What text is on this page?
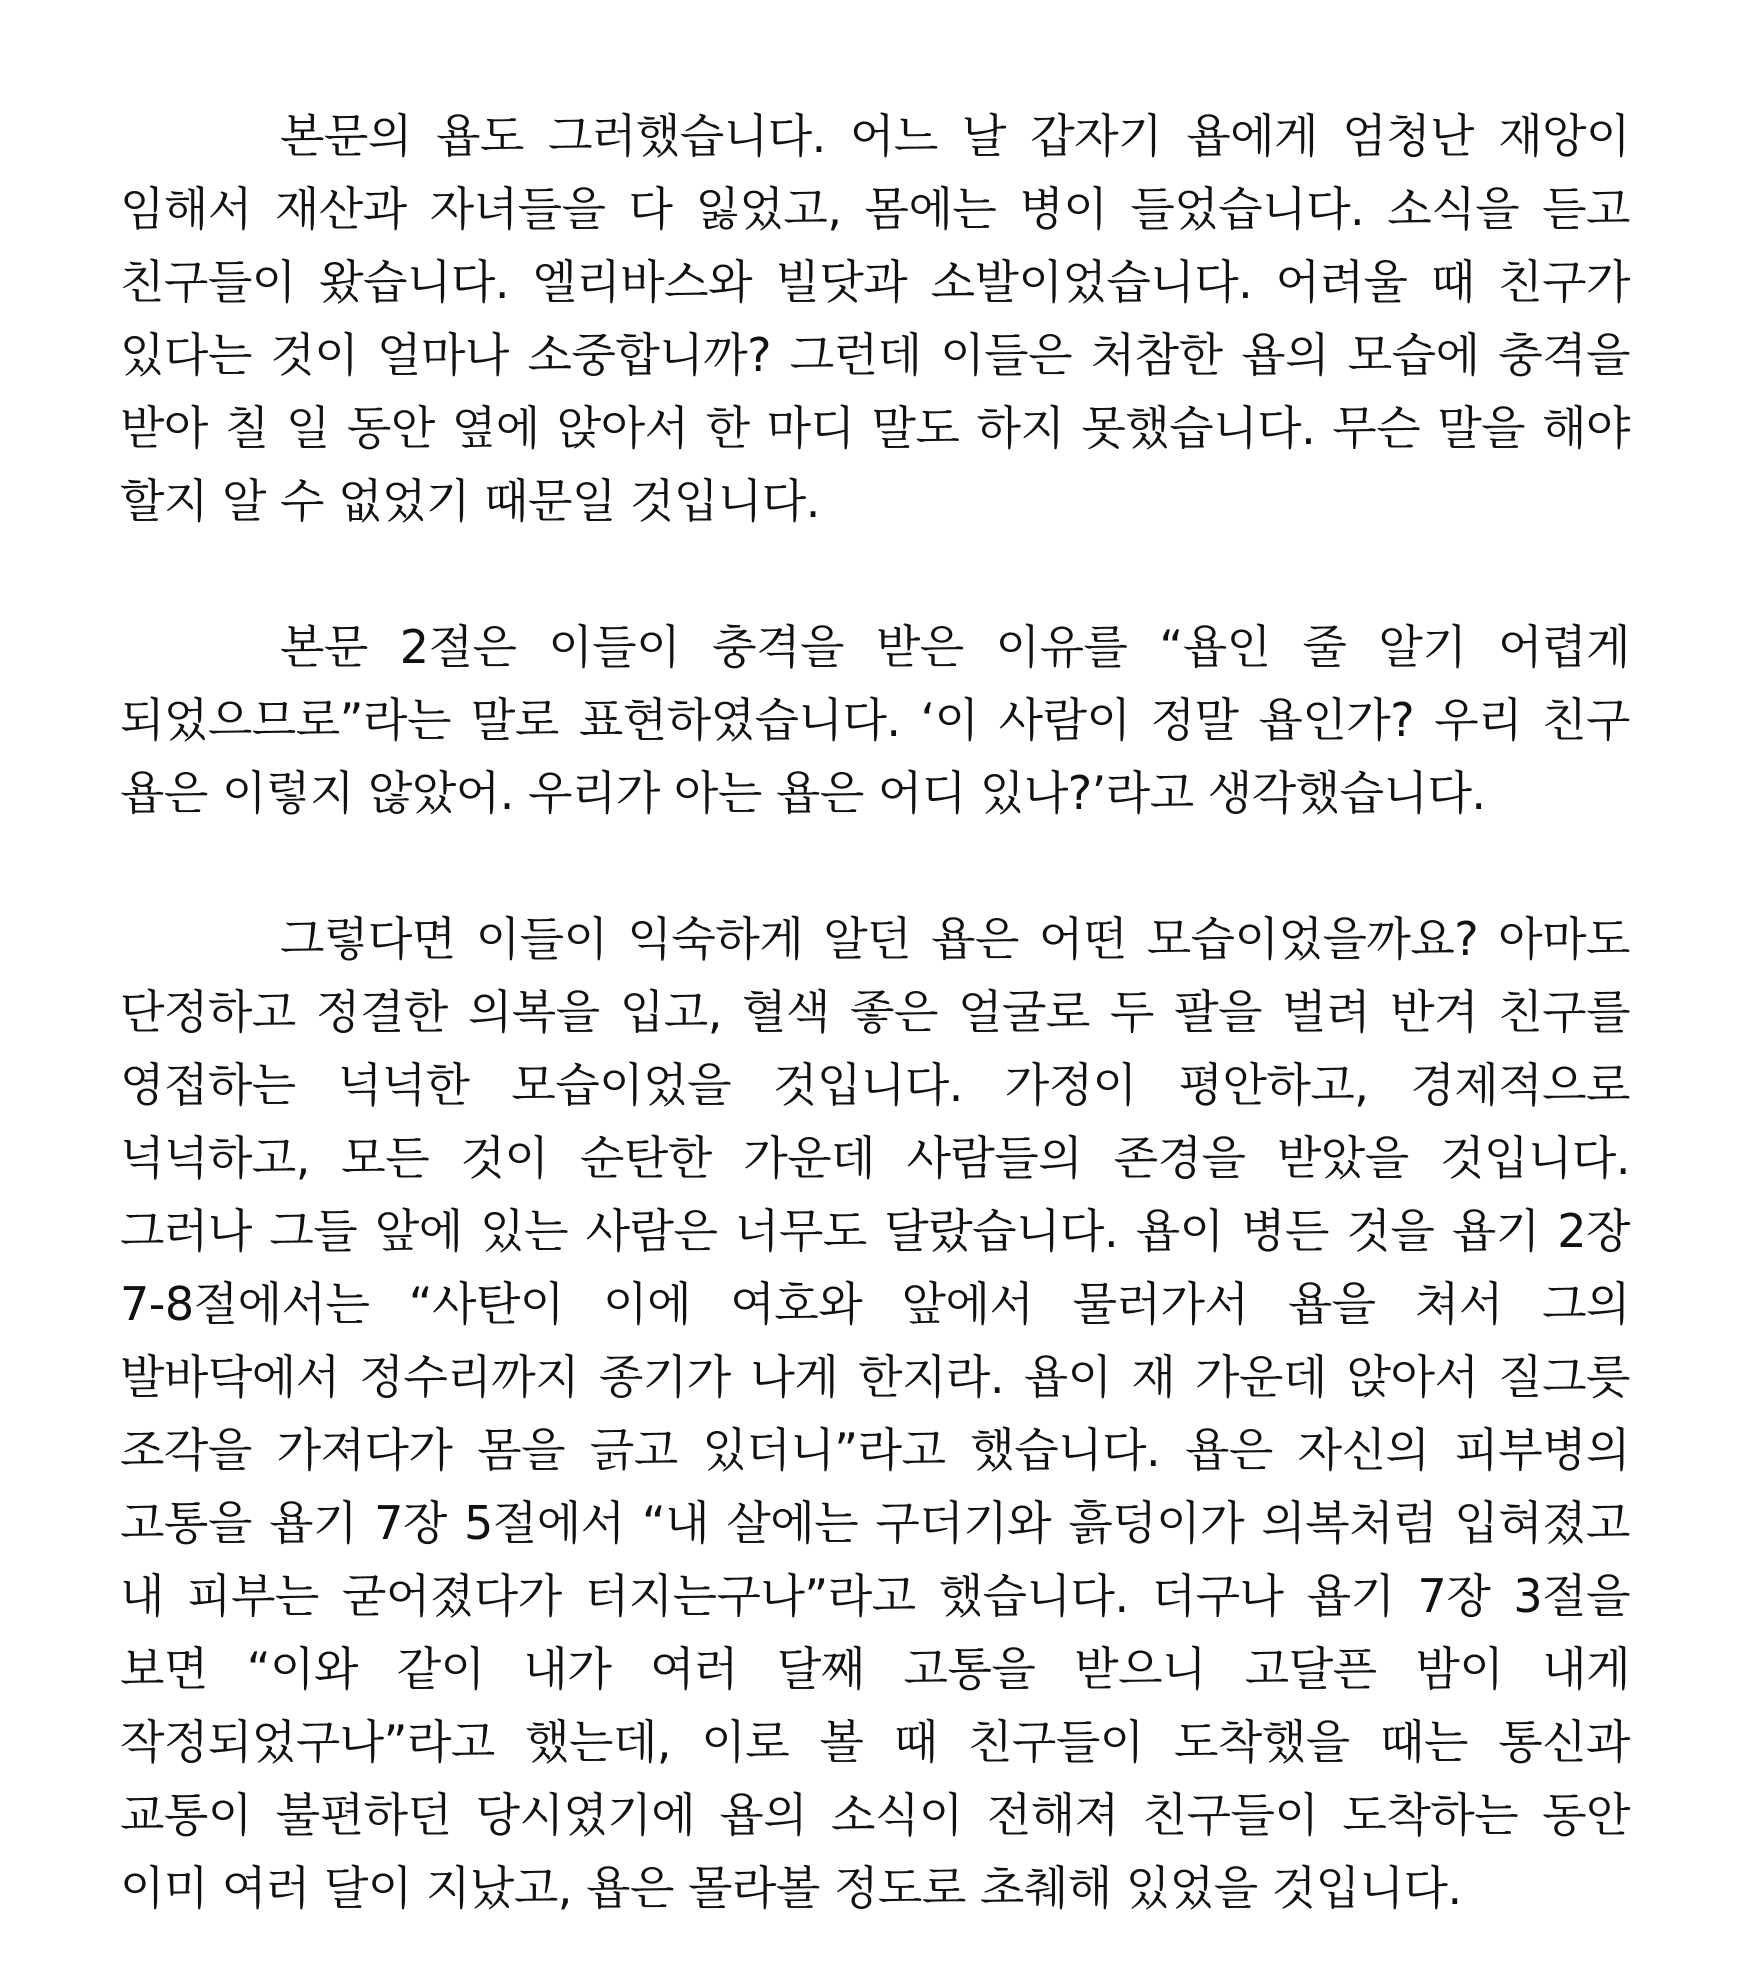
본문의 욥도 그러했습니다. 어느 날 갑자기 욥에게 엄청난 재앙이 임해서 재산과 자녀들을 다 잃었고, 몸에는 병이 들었습니다. 소식을 듣고 친구들이 왔습니다. 엘리바스와 빌닷과 소발이었습니다. 어려울 때 친구가 있다는 것이 얼마나 소중합니까? 그런데 이들은 처참한 욥의 모습에 충격을 받아 칠 일 동안 옆에 앉아서 한 마디 말도 하지 못했습니다. 무슨 말을 해야 할지 알 수 없었기 때문일 것입니다.

본문 2절은 이들이 충격을 받은 이유를 “욥인 줄 알기 어렵게 되었으므로”라는 말로 표현하였습니다. ‘이 사람이 정말 욥인가? 우리 친구 욥은 이렇지 않았어. 우리가 아는 욥은 어디 있나?’라고 생각했습니다.

그렇다면 이들이 익숙하게 알던 욥은 어떤 모습이었을까요? 아마도 단정하고 정결한 의복을 입고, 혈색 좋은 얼굴로 두 팔을 벌려 반겨 친구를 영접하는 넉넉한 모습이었을 것입니다. 가정이 평안하고, 경제적으로 넉넉하고, 모든 것이 순탄한 가운데 사람들의 존경을 받았을 것입니다. 그러나 그들 앞에 있는 사람은 너무도 달랐습니다. 욥이 병든 것을 욥기 2장 7-8절에서는 “사탄이 이에 여호와 앞에서 물러가서 욥을 쳐서 그의 발바닥에서 정수리까지 종기가 나게 한지라. 욥이 재 가운데 앉아서 질그릇 조각을 가져다가 몸을 긁고 있더니”라고 했습니다. 욥은 자신의 피부병의 고통을 욥기 7장 5절에서 “내 살에는 구더기와 흙덩이가 의복처럼 입혀졌고 내 피부는 굳어졌다가 터지는구나”라고 했습니다. 더구나 욥기 7장 3절을 보면 “이와 같이 내가 여러 달째 고통을 받으니 고달픈 밤이 내게 작정되었구나”라고 했는데, 이로 볼 때 친구들이 도착했을 때는 통신과 교통이 불편하던 당시였기에 욥의 소식이 전해져 친구들이 도착하는 동안 이미 여러 달이 지났고, 욥은 몰라볼 정도로 초췌해 있었을 것입니다.
